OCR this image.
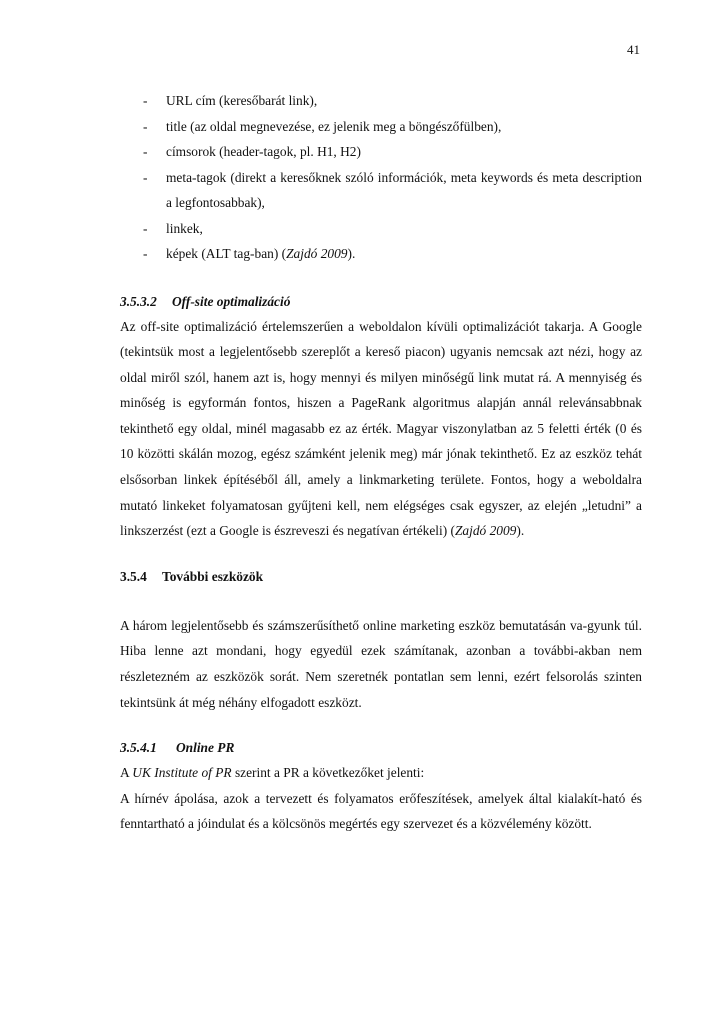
41
- URL cím (keresőbarát link),
- title (az oldal megnevezése, ez jelenik meg a böngészőfülben),
- címsorok (header-tagok, pl. H1, H2)
- meta-tagok (direkt a keresőknek szóló információk, meta keywords és meta description a legfontosabbak),
- linkek,
- képek (ALT tag-ban) (Zajdó 2009).
3.5.3.2 Off-site optimalizáció

Az off-site optimalizáció értelemszerűen a weboldalon kívüli optimalizációt takarja. A Google (tekintsük most a legjelentősebb szereplőt a kereső piacon) ugyanis nemcsak azt nézi, hogy az oldal miről szól, hanem azt is, hogy mennyi és milyen minőségű link mutat rá. A mennyiség és minőség is egyformán fontos, hiszen a PageRank algoritmus alapján annál relevánsabbnak tekinthető egy oldal, minél magasabb ez az érték. Magyar viszonylatban az 5 feletti érték (0 és 10 közötti skálán mozog, egész számként jelenik meg) már jónak tekinthető. Ez az eszköz tehát elsősorban linkek építéséből áll, amely a linkmarketing területe. Fontos, hogy a weboldalra mutató linkeket folyamatosan gyűjteni kell, nem elégséges csak egyszer, az elején „letudni” a linkszerzést (ezt a Google is észreveszi és negatívan értékeli) (Zajdó 2009).

3.5.4 További eszközök

A három legjelentősebb és számszerűsíthető online marketing eszköz bemutatásán va-gyunk túl. Hiba lenne azt mondani, hogy egyedül ezek számítanak, azonban a további-akban nem részletezném az eszközök sorát. Nem szeretnék pontatlan sem lenni, ezért felsorolás szinten tekintsünk át még néhány elfogadott eszközt.

3.5.4.1 Online PR

A UK Institute of PR szerint a PR a következőket jelenti:

A hírnév ápolása, azok a tervezett és folyamatos erőfeszítések, amelyek által kialakít-ható és fenntartható a jóindulat és a kölcsönös megértés egy szervezet és a közvélemény között.
